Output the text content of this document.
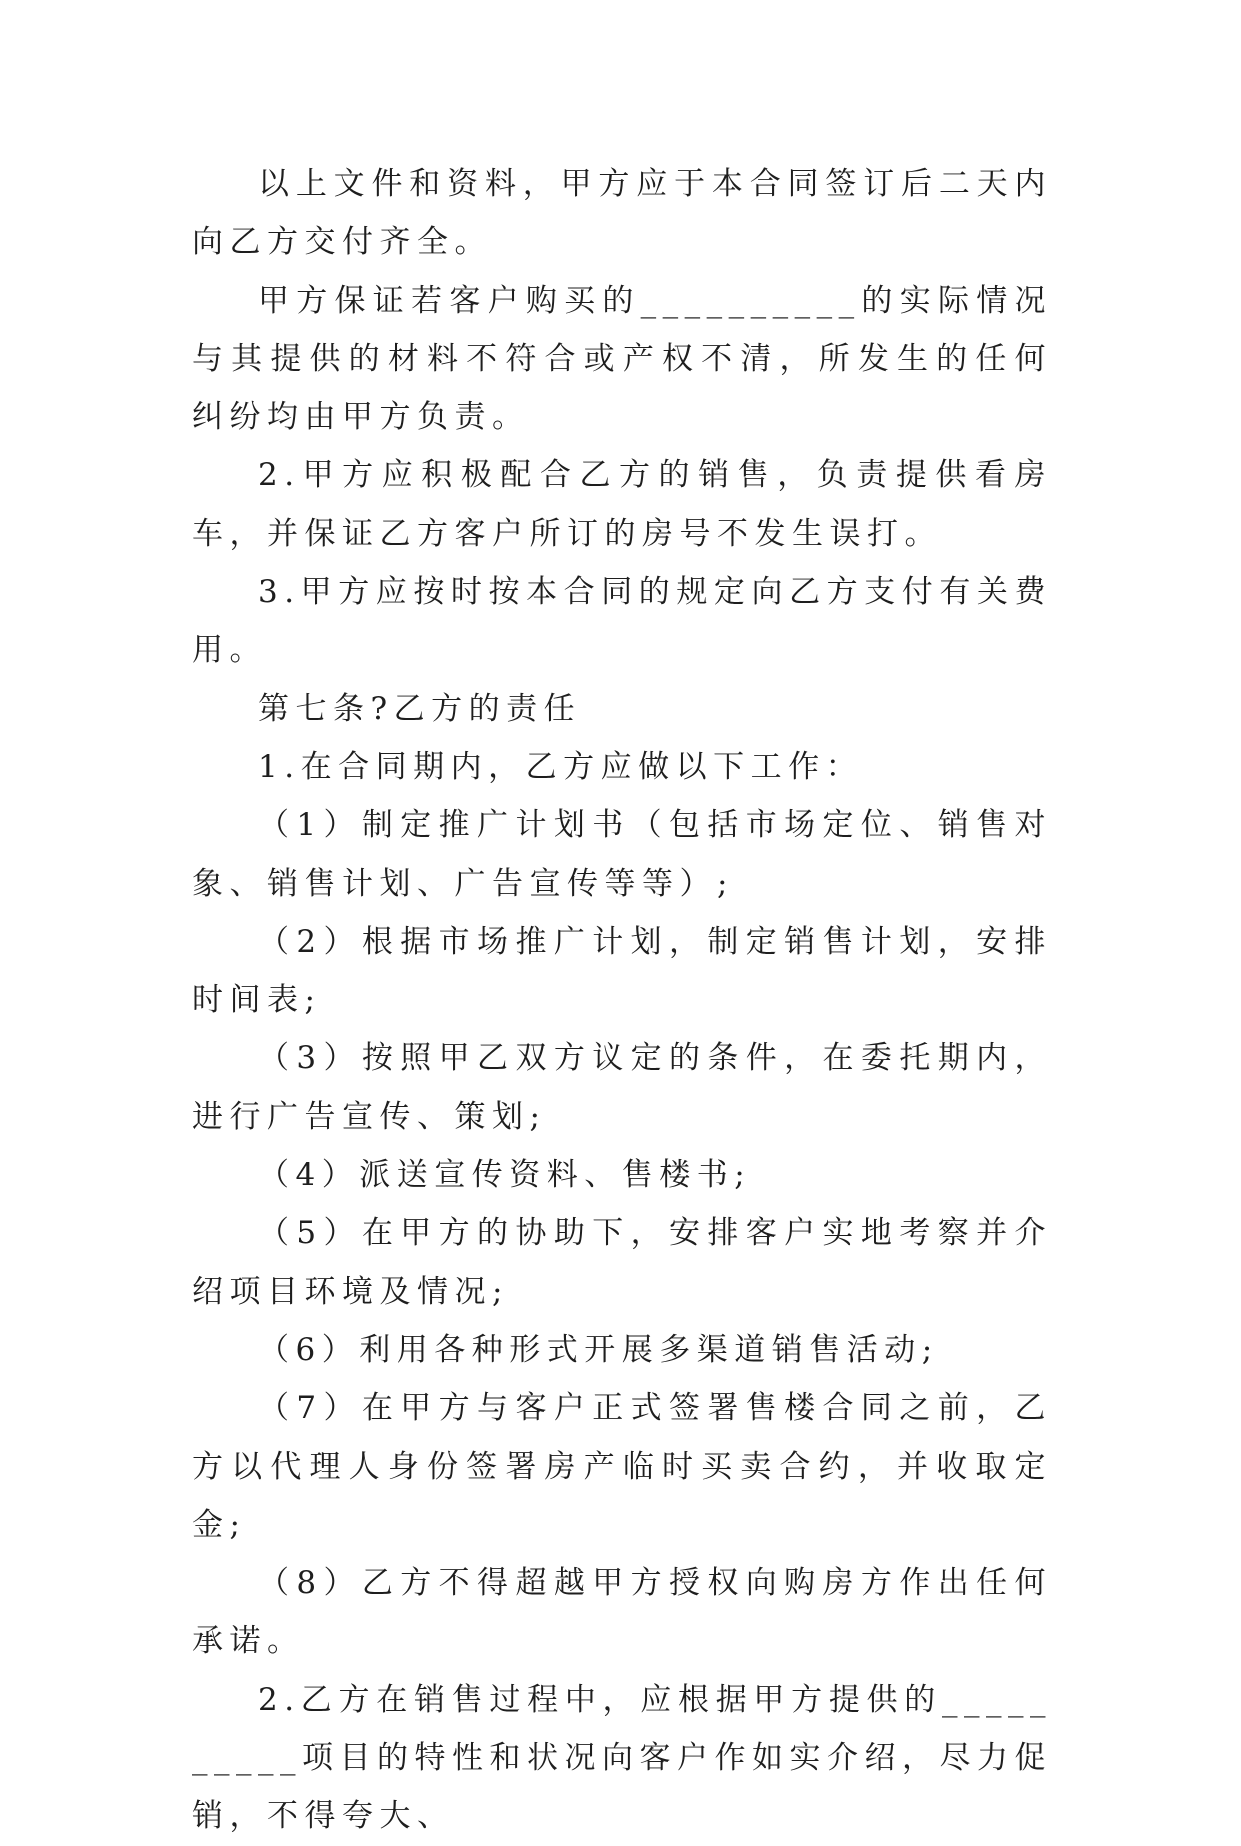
以上文件和资料，甲方应于本合同签订后二天内向乙方交付齐全。

甲方保证若客户购买的__________的实际情况与其提供的材料不符合或产权不清，所发生的任何纠纷均由甲方负责。

2.甲方应积极配合乙方的销售，负责提供看房车，并保证乙方客户所订的房号不发生误打。

3.甲方应按时按本合同的规定向乙方支付有关费用。

第七条?乙方的责任

1.在合同期内，乙方应做以下工作：

（1）制定推广计划书（包括市场定位、销售对象、销售计划、广告宣传等等）;

（2）根据市场推广计划，制定销售计划，安排时间表;

（3）按照甲乙双方议定的条件，在委托期内，进行广告宣传、策划;

（4）派送宣传资料、售楼书;

（5）在甲方的协助下，安排客户实地考察并介绍项目环境及情况;

（6）利用各种形式开展多渠道销售活动;

（7）在甲方与客户正式签署售楼合同之前，乙方以代理人身份签署房产临时买卖合约，并收取定金;

（8）乙方不得超越甲方授权向购房方作出任何承诺。

2.乙方在销售过程中，应根据甲方提供的__________项目的特性和状况向客户作如实介绍，尽力促销，不得夸大、
